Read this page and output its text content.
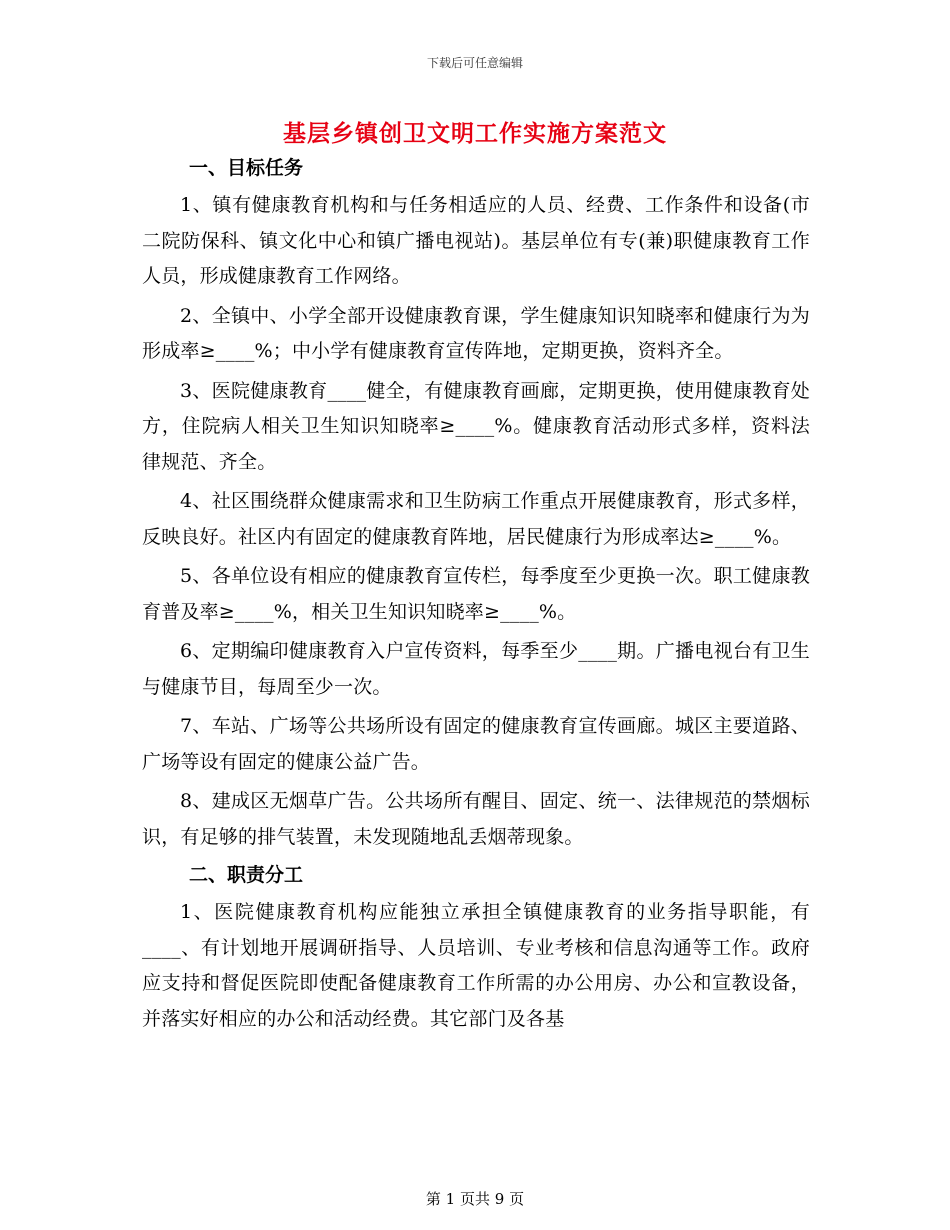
下载后可任意编辑
基层乡镇创卫文明工作实施方案范文
一、目标任务

1、镇有健康教育机构和与任务相适应的人员、经费、工作条件和设备(市二院防保科、镇文化中心和镇广播电视站)。基层单位有专(兼)职健康教育工作人员，形成健康教育工作网络。

2、全镇中、小学全部开设健康教育课，学生健康知识知晓率和健康行为为形成率≥____%；中小学有健康教育宣传阵地，定期更换，资料齐全。

3、医院健康教育____健全，有健康教育画廊，定期更换，使用健康教育处方，住院病人相关卫生知识知晓率≥____%。健康教育活动形式多样，资料法律规范、齐全。

4、社区围绕群众健康需求和卫生防病工作重点开展健康教育，形式多样，反映良好。社区内有固定的健康教育阵地，居民健康行为形成率达≥____%。

5、各单位设有相应的健康教育宣传栏，每季度至少更换一次。职工健康教育普及率≥____%，相关卫生知识知晓率≥____%。

6、定期编印健康教育入户宣传资料，每季至少____期。广播电视台有卫生与健康节目，每周至少一次。

7、车站、广场等公共场所设有固定的健康教育宣传画廊。城区主要道路、广场等设有固定的健康公益广告。

8、建成区无烟草广告。公共场所有醒目、固定、统一、法律规范的禁烟标识，有足够的排气装置，未发现随地乱丢烟蒂现象。

二、职责分工

1、医院健康教育机构应能独立承担全镇健康教育的业务指导职能，有____、有计划地开展调研指导、人员培训、专业考核和信息沟通等工作。政府应支持和督促医院即使配备健康教育工作所需的办公用房、办公和宣教设备，并落实好相应的办公和活动经费。其它部门及各基

第 1 页共 9 页
